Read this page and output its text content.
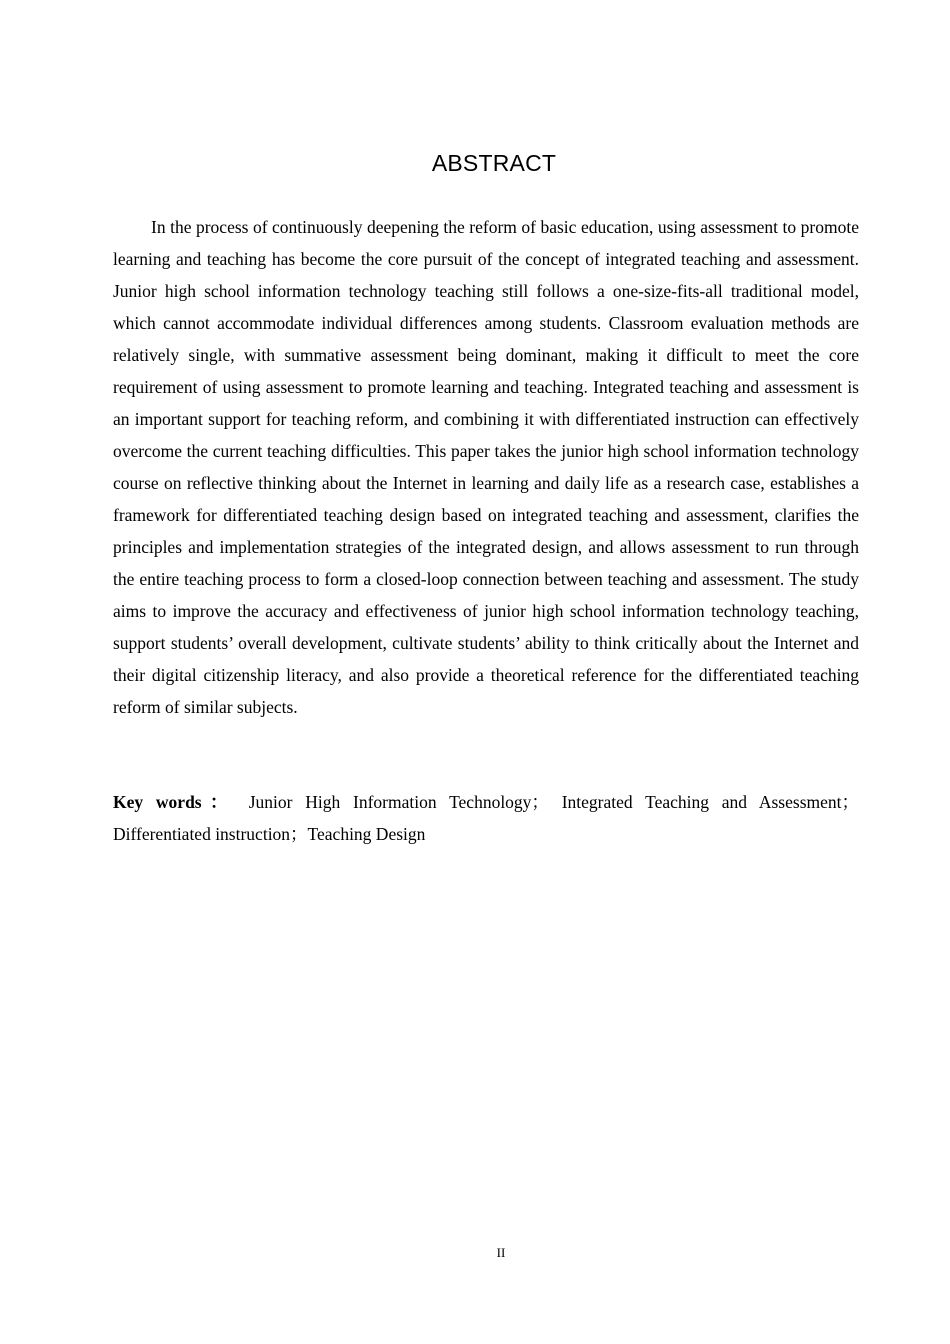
ABSTRACT

In the process of continuously deepening the reform of basic education, using assessment to promote learning and teaching has become the core pursuit of the concept of integrated teaching and assessment. Junior high school information technology teaching still follows a one-size-fits-all traditional model, which cannot accommodate individual differences among students. Classroom evaluation methods are relatively single, with summative assessment being dominant, making it difficult to meet the core requirement of using assessment to promote learning and teaching. Integrated teaching and assessment is an important support for teaching reform, and combining it with differentiated instruction can effectively overcome the current teaching difficulties. This paper takes the junior high school information technology course on reflective thinking about the Internet in learning and daily life as a research case, establishes a framework for differentiated teaching design based on integrated teaching and assessment, clarifies the principles and implementation strategies of the integrated design, and allows assessment to run through the entire teaching process to form a closed-loop connection between teaching and assessment. The study aims to improve the accuracy and effectiveness of junior high school information technology teaching, support students’ overall development, cultivate students’ ability to think critically about the Internet and their digital citizenship literacy, and also provide a theoretical reference for the differentiated teaching reform of similar subjects.

Key words： Junior High Information Technology； Integrated Teaching and Assessment；Differentiated instruction；Teaching Design

II
